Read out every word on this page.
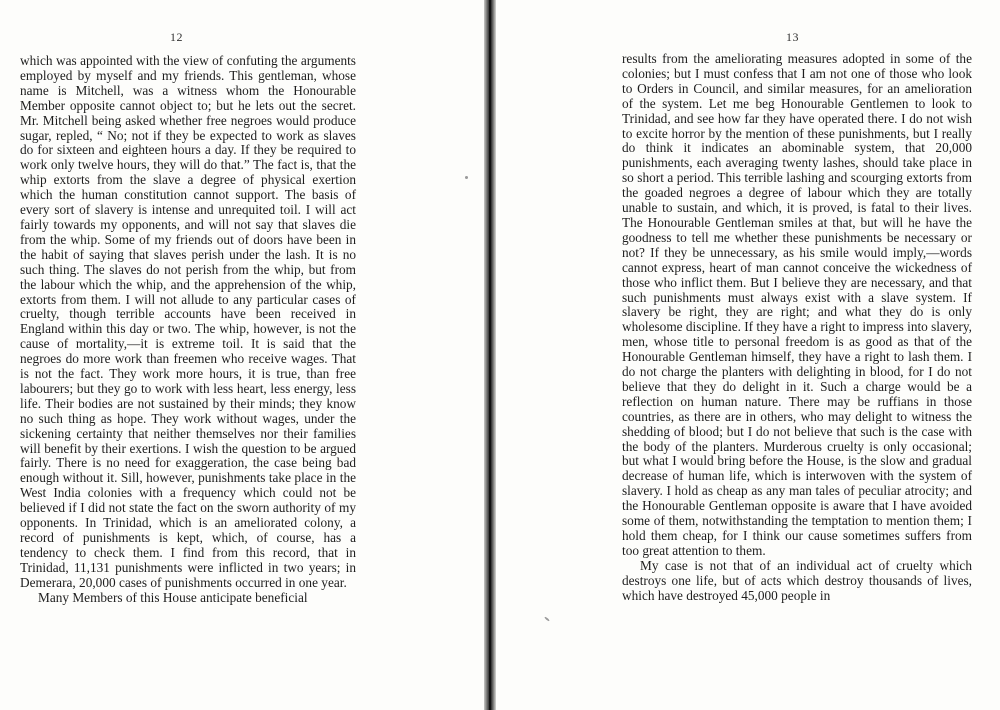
12

which was appointed with the view of confuting the arguments employed by myself and my friends. This gentleman, whose name is Mitchell, was a witness whom the Honourable Member opposite cannot object to; but he lets out the secret. Mr. Mitchell being asked whether free negroes would produce sugar, repled, “ No; not if they be expected to work as slaves do for sixteen and eighteen hours a day. If they be required to work only twelve hours, they will do that.” The fact is, that the whip extorts from the slave a degree of physical exertion which the human constitution cannot support. The basis of every sort of slavery is intense and unrequited toil. I will act fairly towards my opponents, and will not say that slaves die from the whip. Some of my friends out of doors have been in the habit of saying that slaves perish under the lash. It is no such thing. The slaves do not perish from the whip, but from the labour which the whip, and the apprehension of the whip, extorts from them. I will not allude to any particular cases of cruelty, though terrible accounts have been received in England within this day or two. The whip, however, is not the cause of mortality,—it is extreme toil. It is said that the negroes do more work than freemen who receive wages. That is not the fact. They work more hours, it is true, than free labourers; but they go to work with less heart, less energy, less life. Their bodies are not sustained by their minds; they know no such thing as hope. They work without wages, under the sickening certainty that neither themselves nor their families will benefit by their exertions. I wish the question to be argued fairly. There is no need for exaggeration, the case being bad enough without it. Sill, however, punishments take place in the West India colonies with a frequency which could not be believed if I did not state the fact on the sworn authority of my opponents. In Trinidad, which is an ameliorated colony, a record of punishments is kept, which, of course, has a tendency to check them. I find from this record, that in Trinidad, 11,131 punishments were inflicted in two years; in Demerara, 20,000 cases of punishments occurred in one year.

Many Members of this House anticipate beneficial

13

results from the ameliorating measures adopted in some of the colonies; but I must confess that I am not one of those who look to Orders in Council, and similar measures, for an amelioration of the system. Let me beg Honourable Gentlemen to look to Trinidad, and see how far they have operated there. I do not wish to excite horror by the mention of these punishments, but I really do think it indicates an abominable system, that 20,000 punishments, each averaging twenty lashes, should take place in so short a period. This terrible lashing and scourging extorts from the goaded negroes a degree of labour which they are totally unable to sustain, and which, it is proved, is fatal to their lives. The Honourable Gentleman smiles at that, but will he have the goodness to tell me whether these punishments be necessary or not? If they be unnecessary, as his smile would imply,—words cannot express, heart of man cannot conceive the wickedness of those who inflict them. But I believe they are necessary, and that such punishments must always exist with a slave system. If slavery be right, they are right; and what they do is only wholesome discipline. If they have a right to impress into slavery, men, whose title to personal freedom is as good as that of the Honourable Gentleman himself, they have a right to lash them. I do not charge the planters with delighting in blood, for I do not believe that they do delight in it. Such a charge would be a reflection on human nature. There may be ruffians in those countries, as there are in others, who may delight to witness the shedding of blood; but I do not believe that such is the case with the body of the planters. Murderous cruelty is only occasional; but what I would bring before the House, is the slow and gradual decrease of human life, which is interwoven with the system of slavery. I hold as cheap as any man tales of peculiar atrocity; and the Honourable Gentleman opposite is aware that I have avoided some of them, notwithstanding the temptation to mention them; I hold them cheap, for I think our cause sometimes suffers from too great attention to them.

My case is not that of an individual act of cruelty which destroys one life, but of acts which destroy thousands of lives, which have destroyed 45,000 people in
